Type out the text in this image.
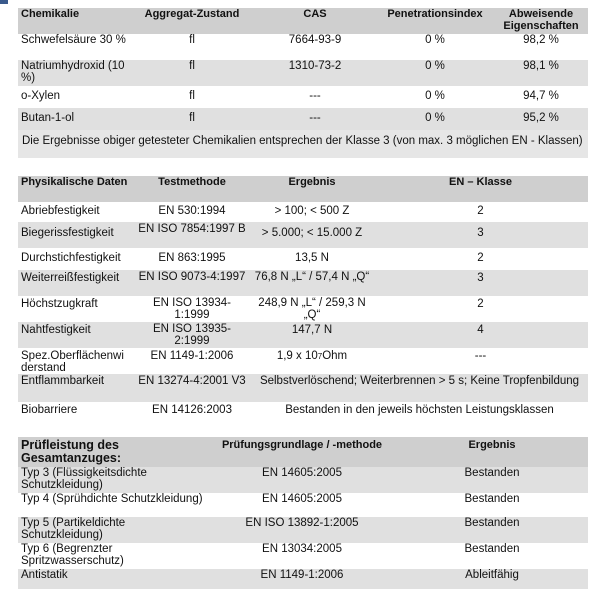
Chemikalie	Aggregat-Zustand	CAS	Penetrationsindex	Abweisende Eigenschaften
Schwefelsäure 30 %	fl	7664-93-9	0 %	98,2 %
Natriumhydroxid (10 %)	fl	1310-73-2	0 %	98,1 %
o-Xylen	fl	---	0 %	94,7 %
Butan-1-ol	fl	---	0 %	95,2 %
Die Ergebnisse obiger getesteter Chemikalien entsprechen der Klasse 3 (von max. 3 möglichen EN - Klassen)				
Physikalische Daten	Testmethode	Ergebnis	EN – Klasse
Abriebfestigkeit	EN 530:1994	> 100; < 500 Z	2
Biegerissfestigkeit	EN ISO 7854:1997 B	> 5.000; < 15.000 Z	3
Durchstichfestigkeit	EN 863:1995	13,5 N	2
Weiterreißfestigkeit	EN ISO 9073-4:1997	76,8 N „L“ / 57,4 N „Q“	3
Höchstzugkraft	EN ISO 13934-1:1999	248,9 N „L“ / 259,3 N „Q“	2
Nahtfestigkeit	EN ISO 13935-2:1999	147,7 N	4
Spez.Oberflächenwiderstand	EN 1149-1:2006	1,9 x 107Ohm	---
Entflammbarkeit	EN 13274-4:2001 V3	Selbstverlöschend; Weiterbrennen > 5 s; Keine Tropfenbildung	
Biobarriere	EN 14126:2003	Bestanden in den jeweils höchsten Leistungsklassen	
Prüfleistung des Gesamtanzuges:	Prüfungsgrundlage / -methode	Ergebnis
Typ 3 (Flüssigkeitsdichte Schutzkleidung)	EN 14605:2005	Bestanden
Typ 4 (Sprühdichte Schutzkleidung)	EN 14605:2005	Bestanden
Typ 5 (Partikeldichte Schutzkleidung)	EN ISO 13892-1:2005	Bestanden
Typ 6 (Begrenzter Spritzwasserschutz)	EN 13034:2005	Bestanden
Antistatik	EN 1149-1:2006	Ableitfähig
